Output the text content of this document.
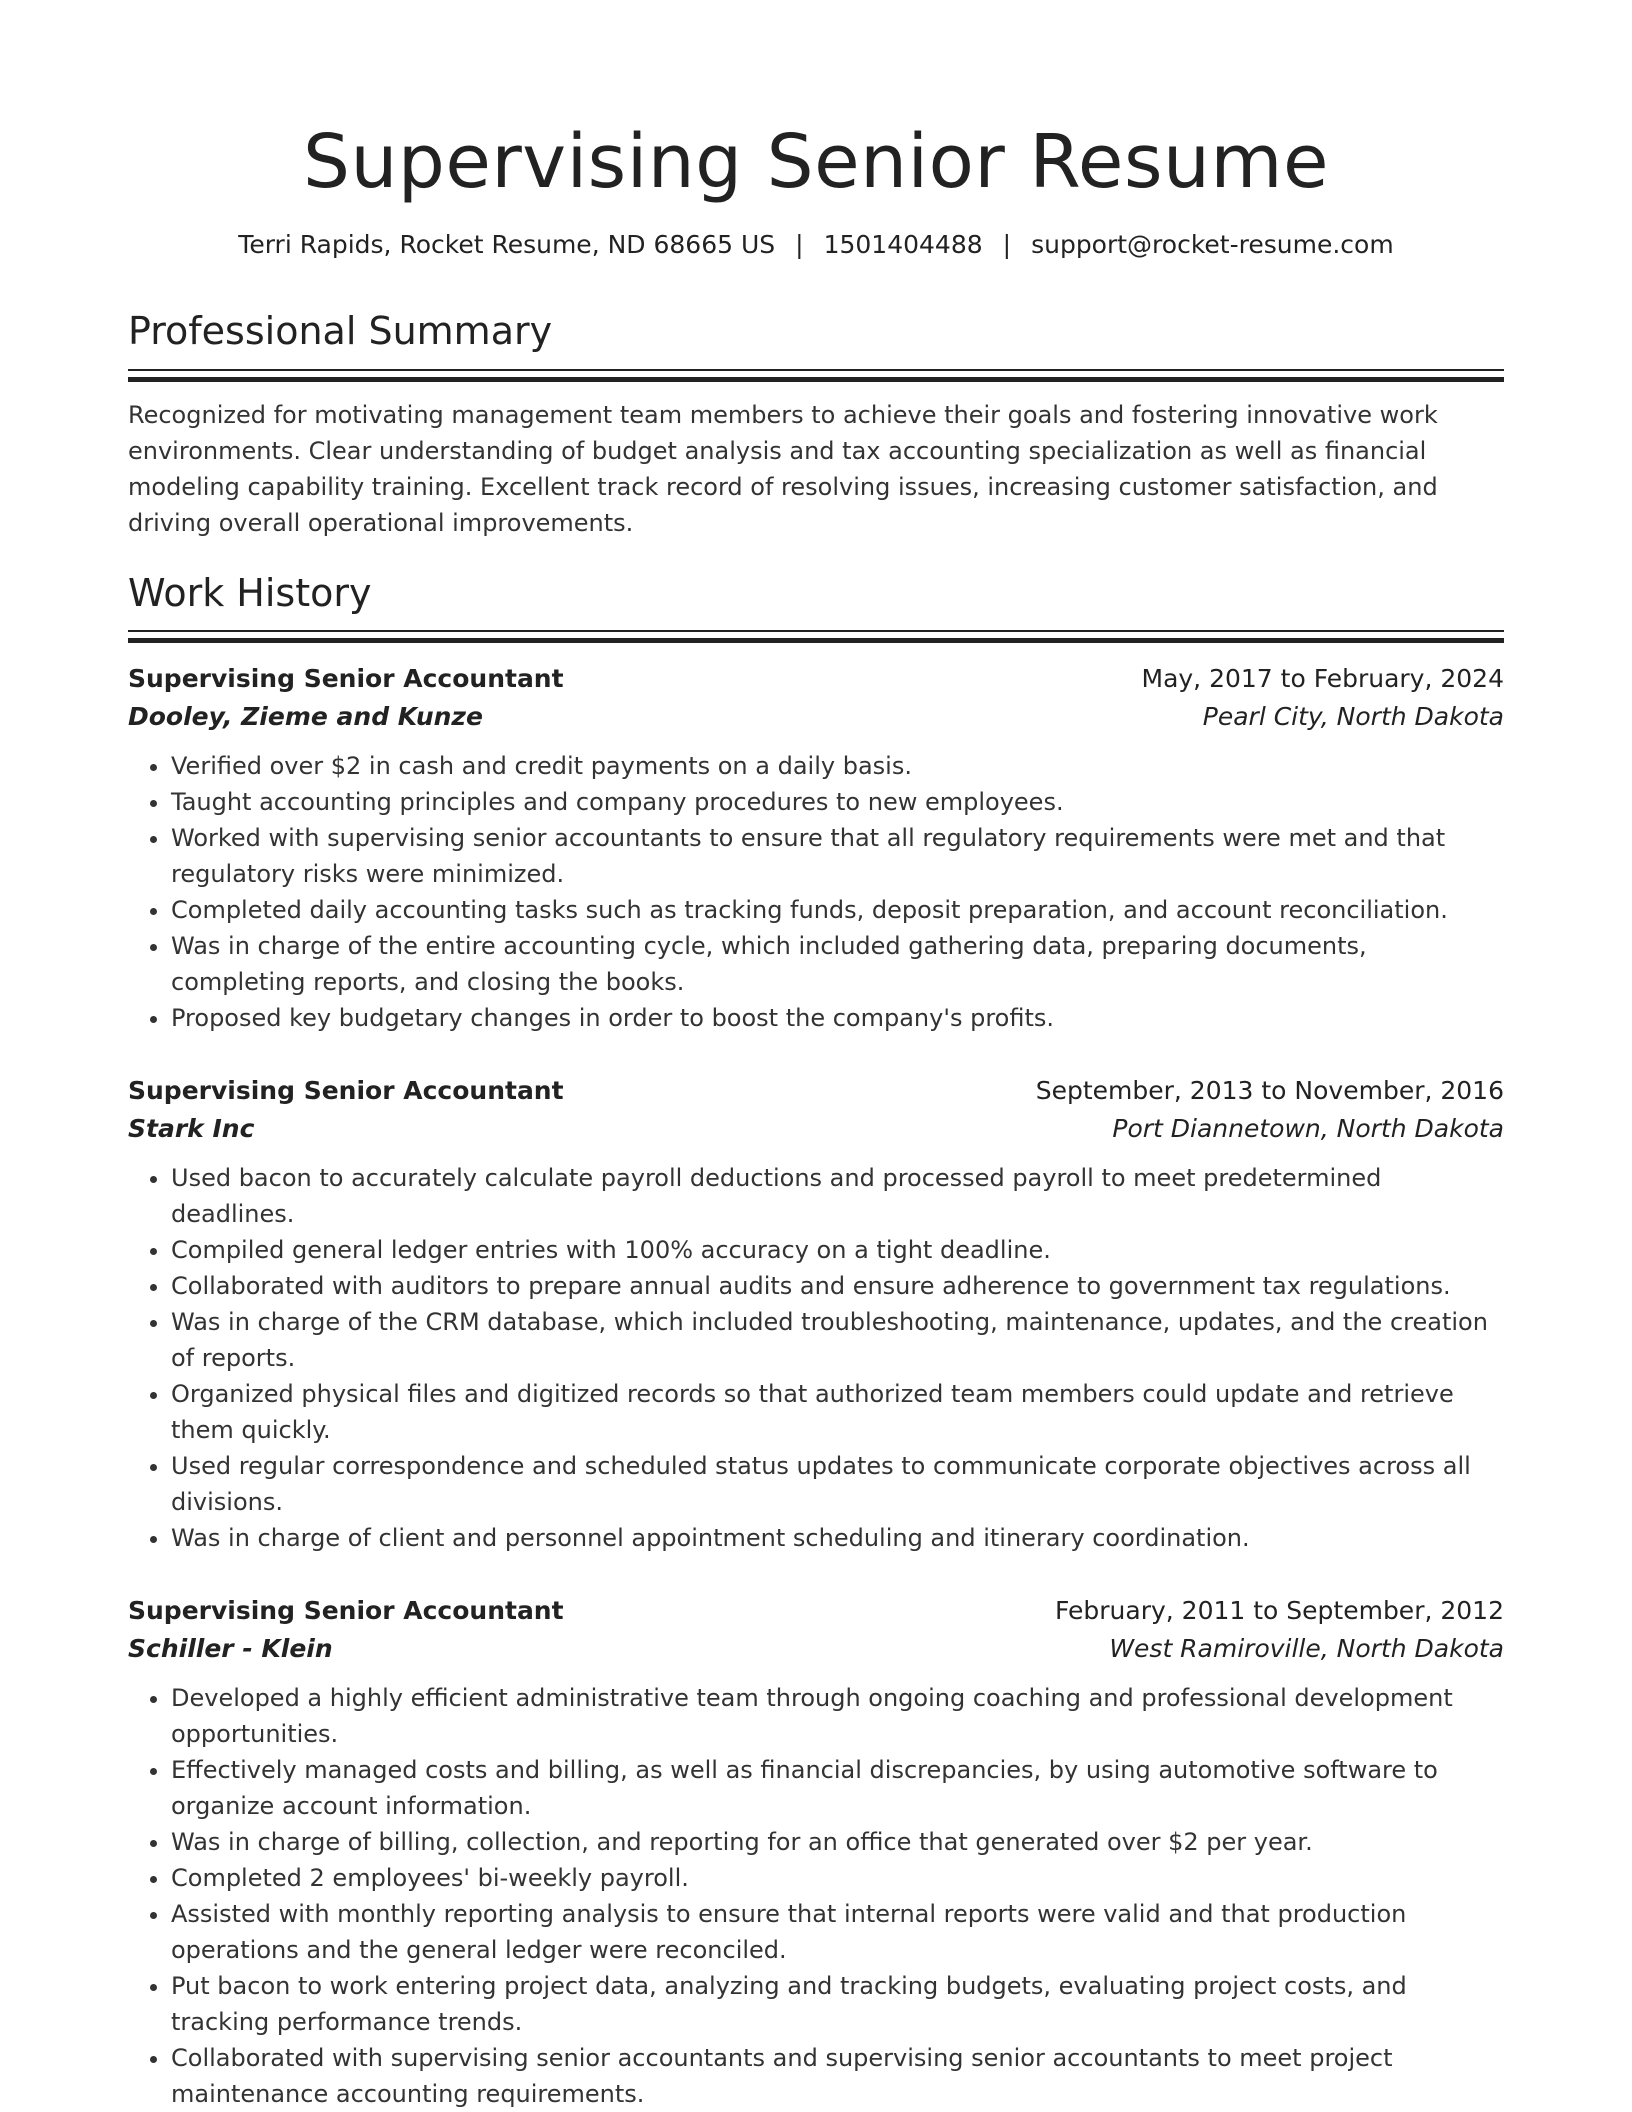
Supervising Senior Resume
Terri Rapids, Rocket Resume, ND 68665 US | 1501404488 | support@rocket-resume.com
Professional Summary

Recognized for motivating management team members to achieve their goals and fostering innovative work environments. Clear understanding of budget analysis and tax accounting specialization as well as financial modeling capability training. Excellent track record of resolving issues, increasing customer satisfaction, and driving overall operational improvements.

Work History
Supervising Senior Accountant	May, 2017 to February, 2024
Dooley, Zieme and Kunze	Pearl City, North Dakota
• Verified over $2 in cash and credit payments on a daily basis.
• Taught accounting principles and company procedures to new employees.
• Worked with supervising senior accountants to ensure that all regulatory requirements were met and that regulatory risks were minimized.
• Completed daily accounting tasks such as tracking funds, deposit preparation, and account reconciliation.
• Was in charge of the entire accounting cycle, which included gathering data, preparing documents, completing reports, and closing the books.
• Proposed key budgetary changes in order to boost the company's profits.
Supervising Senior Accountant	September, 2013 to November, 2016
Stark Inc	Port Diannetown, North Dakota
• Used bacon to accurately calculate payroll deductions and processed payroll to meet predetermined deadlines.
• Compiled general ledger entries with 100% accuracy on a tight deadline.
• Collaborated with auditors to prepare annual audits and ensure adherence to government tax regulations.
• Was in charge of the CRM database, which included troubleshooting, maintenance, updates, and the creation of reports.
• Organized physical files and digitized records so that authorized team members could update and retrieve them quickly.
• Used regular correspondence and scheduled status updates to communicate corporate objectives across all divisions.
• Was in charge of client and personnel appointment scheduling and itinerary coordination.
Supervising Senior Accountant	February, 2011 to September, 2012
Schiller - Klein	West Ramiroville, North Dakota
• Developed a highly efficient administrative team through ongoing coaching and professional development opportunities.
• Effectively managed costs and billing, as well as financial discrepancies, by using automotive software to organize account information.
• Was in charge of billing, collection, and reporting for an office that generated over $2 per year.
• Completed 2 employees' bi-weekly payroll.
• Assisted with monthly reporting analysis to ensure that internal reports were valid and that production operations and the general ledger were reconciled.
• Put bacon to work entering project data, analyzing and tracking budgets, evaluating project costs, and tracking performance trends.
• Collaborated with supervising senior accountants and supervising senior accountants to meet project maintenance accounting requirements.
